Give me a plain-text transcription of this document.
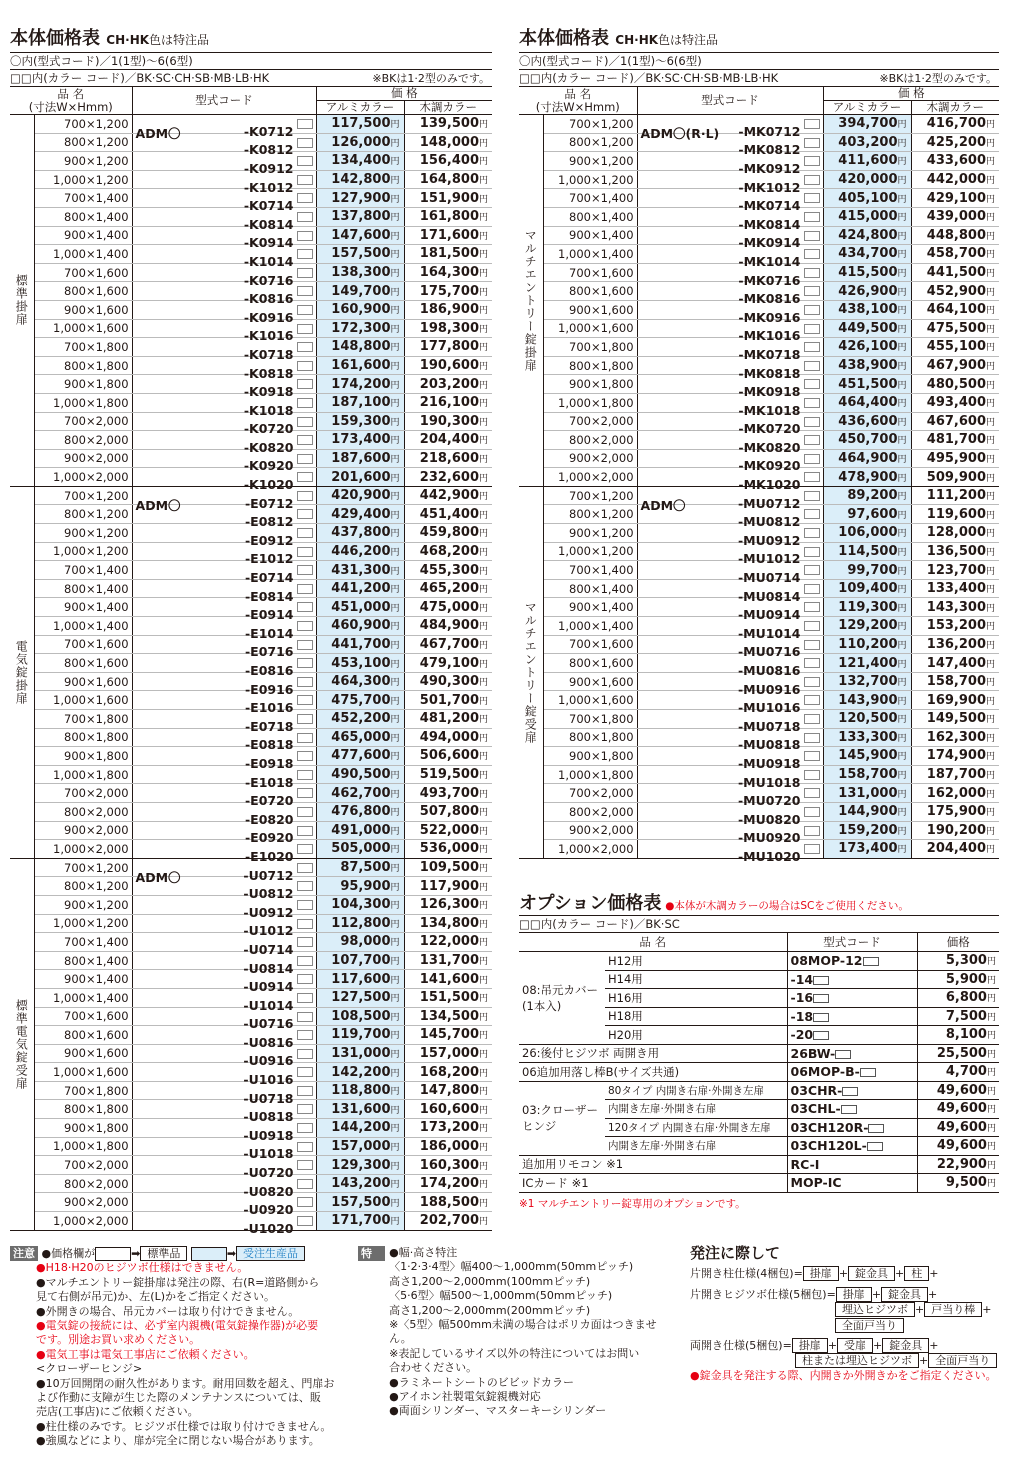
本体価格表 CH·HK色は特注品
〇内(型式コード)／1(1型)〜6(6型)
□□内(カラー コード)／BK·SC·CH·SB·MB·LB·HK	※BKは1·2型のみです。
品 名
(寸法W×Hmm)		型式コード	価 格	
			アルミカラー	木調カラー
標準掛扉	700×1,200	ADM〇 -K0712	117,500円	139,500円
	800×1,200	-K0812	126,000円	148,000円
	900×1,200	-K0912	134,400円	156,400円
	1,000×1,200	-K1012	142,800円	164,800円
	700×1,400	-K0714	127,900円	151,900円
	800×1,400	-K0814	137,800円	161,800円
	900×1,400	-K0914	147,600円	171,600円
	1,000×1,400	-K1014	157,500円	181,500円
	700×1,600	-K0716	138,300円	164,300円
	800×1,600	-K0816	149,700円	175,700円
	900×1,600	-K0916	160,900円	186,900円
	1,000×1,600	-K1016	172,300円	198,300円
	700×1,800	-K0718	148,800円	177,800円
	800×1,800	-K0818	161,600円	190,600円
	900×1,800	-K0918	174,200円	203,200円
	1,000×1,800	-K1018	187,100円	216,100円
	700×2,000	-K0720	159,300円	190,300円
	800×2,000	-K0820	173,400円	204,400円
	900×2,000	-K0920	187,600円	218,600円
	1,000×2,000	-K1020	201,600円	232,600円
電気錠掛扉	700×1,200	ADM〇 -E0712	420,900円	442,900円
	800×1,200	-E0812	429,400円	451,400円
	900×1,200	-E0912	437,800円	459,800円
	1,000×1,200	-E1012	446,200円	468,200円
	700×1,400	-E0714	431,300円	455,300円
	800×1,400	-E0814	441,200円	465,200円
	900×1,400	-E0914	451,000円	475,000円
	1,000×1,400	-E1014	460,900円	484,900円
	700×1,600	-E0716	441,700円	467,700円
	800×1,600	-E0816	453,100円	479,100円
	900×1,600	-E0916	464,300円	490,300円
	1,000×1,600	-E1016	475,700円	501,700円
	700×1,800	-E0718	452,200円	481,200円
	800×1,800	-E0818	465,000円	494,000円
	900×1,800	-E0918	477,600円	506,600円
	1,000×1,800	-E1018	490,500円	519,500円
	700×2,000	-E0720	462,700円	493,700円
	800×2,000	-E0820	476,800円	507,800円
	900×2,000	-E0920	491,000円	522,000円
	1,000×2,000	-E1020	505,000円	536,000円
標準電気錠受扉	700×1,200	ADM〇 -U0712	87,500円	109,500円
	800×1,200	-U0812	95,900円	117,900円
	900×1,200	-U0912	104,300円	126,300円
	1,000×1,200	-U1012	112,800円	134,800円
	700×1,400	-U0714	98,000円	122,000円
	800×1,400	-U0814	107,700円	131,700円
	900×1,400	-U0914	117,600円	141,600円
	1,000×1,400	-U1014	127,500円	151,500円
	700×1,600	-U0716	108,500円	134,500円
	800×1,600	-U0816	119,700円	145,700円
	900×1,600	-U0916	131,000円	157,000円
	1,000×1,600	-U1016	142,200円	168,200円
	700×1,800	-U0718	118,800円	147,800円
	800×1,800	-U0818	131,600円	160,600円
	900×1,800	-U0918	144,200円	173,200円
	1,000×1,800	-U1018	157,000円	186,000円
	700×2,000	-U0720	129,300円	160,300円
	800×2,000	-U0820	143,200円	174,200円
	900×2,000	-U0920	157,500円	188,500円
	1,000×2,000	-U1020	171,700円	202,700円
本体価格表 CH·HK色は特注品
〇内(型式コード)／1(1型)〜6(6型)
□□内(カラー コード)／BK·SC·CH·SB·MB·LB·HK	※BKは1·2型のみです。
品 名
(寸法W×Hmm)		型式コード	価 格	
			アルミカラー	木調カラー
マルチエントリー錠掛扉	700×1,200	ADM〇(R·L) -MK0712	394,700円	416,700円
	800×1,200	-MK0812	403,200円	425,200円
	900×1,200	-MK0912	411,600円	433,600円
	1,000×1,200	-MK1012	420,000円	442,000円
	700×1,400	-MK0714	405,100円	429,100円
	800×1,400	-MK0814	415,000円	439,000円
	900×1,400	-MK0914	424,800円	448,800円
	1,000×1,400	-MK1014	434,700円	458,700円
	700×1,600	-MK0716	415,500円	441,500円
	800×1,600	-MK0816	426,900円	452,900円
	900×1,600	-MK0916	438,100円	464,100円
	1,000×1,600	-MK1016	449,500円	475,500円
	700×1,800	-MK0718	426,100円	455,100円
	800×1,800	-MK0818	438,900円	467,900円
	900×1,800	-MK0918	451,500円	480,500円
	1,000×1,800	-MK1018	464,400円	493,400円
	700×2,000	-MK0720	436,600円	467,600円
	800×2,000	-MK0820	450,700円	481,700円
	900×2,000	-MK0920	464,900円	495,900円
	1,000×2,000	-MK1020	478,900円	509,900円
マルチエントリー錠受扉	700×1,200	ADM〇 -MU0712	89,200円	111,200円
	800×1,200	-MU0812	97,600円	119,600円
	900×1,200	-MU0912	106,000円	128,000円
	1,000×1,200	-MU1012	114,500円	136,500円
	700×1,400	-MU0714	99,700円	123,700円
	800×1,400	-MU0814	109,400円	133,400円
	900×1,400	-MU0914	119,300円	143,300円
	1,000×1,400	-MU1014	129,200円	153,200円
	700×1,600	-MU0716	110,200円	136,200円
	800×1,600	-MU0816	121,400円	147,400円
	900×1,600	-MU0916	132,700円	158,700円
	1,000×1,600	-MU1016	143,900円	169,900円
	700×1,800	-MU0718	120,500円	149,500円
	800×1,800	-MU0818	133,300円	162,300円
	900×1,800	-MU0918	145,900円	174,900円
	1,000×1,800	-MU1018	158,700円	187,700円
	700×2,000	-MU0720	131,000円	162,000円
	800×2,000	-MU0820	144,900円	175,900円
	900×2,000	-MU0920	159,200円	190,200円
	1,000×2,000	-MU1020	173,400円	204,400円
オプション価格表 ●本体が木調カラーの場合はSCをご使用ください。
□□内(カラー コード)／BK·SC
品 名		型式コード	価格

08:吊元カバー
(1本入)	H12用	08MOP-12	5,300円
	H14用	-14	5,900円
	H16用	-16	6,800円
	H18用	-18	7,500円
	H20用	-20	8,100円
26:後付ヒジツボ 両開き用		26BW-	25,500円
06追加用落し棒B(サイズ共通)		06MOP-B-	4,700円

03:クローザー
ヒンジ	80タイプ 内開き右扉·外開き左扉	03CHR-	49,600円
	内開き左扉·外開き右扉	03CHL-	49,600円
	120タイプ 内開き右扉·外開き左扉	03CH120R-	49,600円
	内開き左扉·外開き右扉	03CH120L-	49,600円
追加用リモコン ※1		RC-I	22,900円
ICカード ※1		MOP-IC	9,500円
※1 マルチエントリー錠専用のオプションです。
注意 ●価格欄が	➡ 標準品	➡ 受注生産品
●H18·H20のヒジツボ仕様はできません。
●マルチエントリー錠掛扉は発注の際、右(R=道路側から
見て右側が吊元)か、左(L)かをご指定ください。
●外開きの場合、吊元カバーは取り付けできません。
●電気錠の接続には、必ず室内親機(電気錠操作器)が必要
です。別途お買い求めください。
●電気工事は電気工事店にご依頼ください。
<クローザーヒンジ>
●10万回開閉の耐久性があります。耐用回数を超え、門扉お
よび作動に支障が生じた際のメンテナンスについては、販
売店(工事店)にご依頼ください。
●柱仕様のみです。ヒジツボ仕様では取り付けできません。
●強風などにより、扉が完全に閉じない場合があります。
特注
●幅·高さ特注
〈1·2·3·4型〉幅400〜1,000mm(50mmピッチ)
高さ1,200〜2,000mm(100mmピッチ)
〈5·6型〉幅500〜1,000mm(50mmピッチ)
高さ1,200〜2,000mm(200mmピッチ)
※〈5型〉幅500mm未満の場合はポリカ面はつきません。
※表記しているサイズ以外の特注についてはお問い
合わせください。
●ラミネートシートのビビッドカラー
●アイホン社製電気錠親機対応
●両面シリンダー、マスターキーシリンダー
発注に際して
片開き柱仕様(4梱包)= 掛扉 + 錠金具 + 柱 +
片開きヒジツボ仕様(5梱包)= 掛扉 + 錠金具 +
埋込ヒジツボ + 戸当り棒 +
全面戸当り
両開き仕様(5梱包)= 掛扉 + 受扉 + 錠金具 +
柱または埋込ヒジツボ + 全面戸当り
●錠金具を発注する際、内開きか外開きかをご指定ください。
